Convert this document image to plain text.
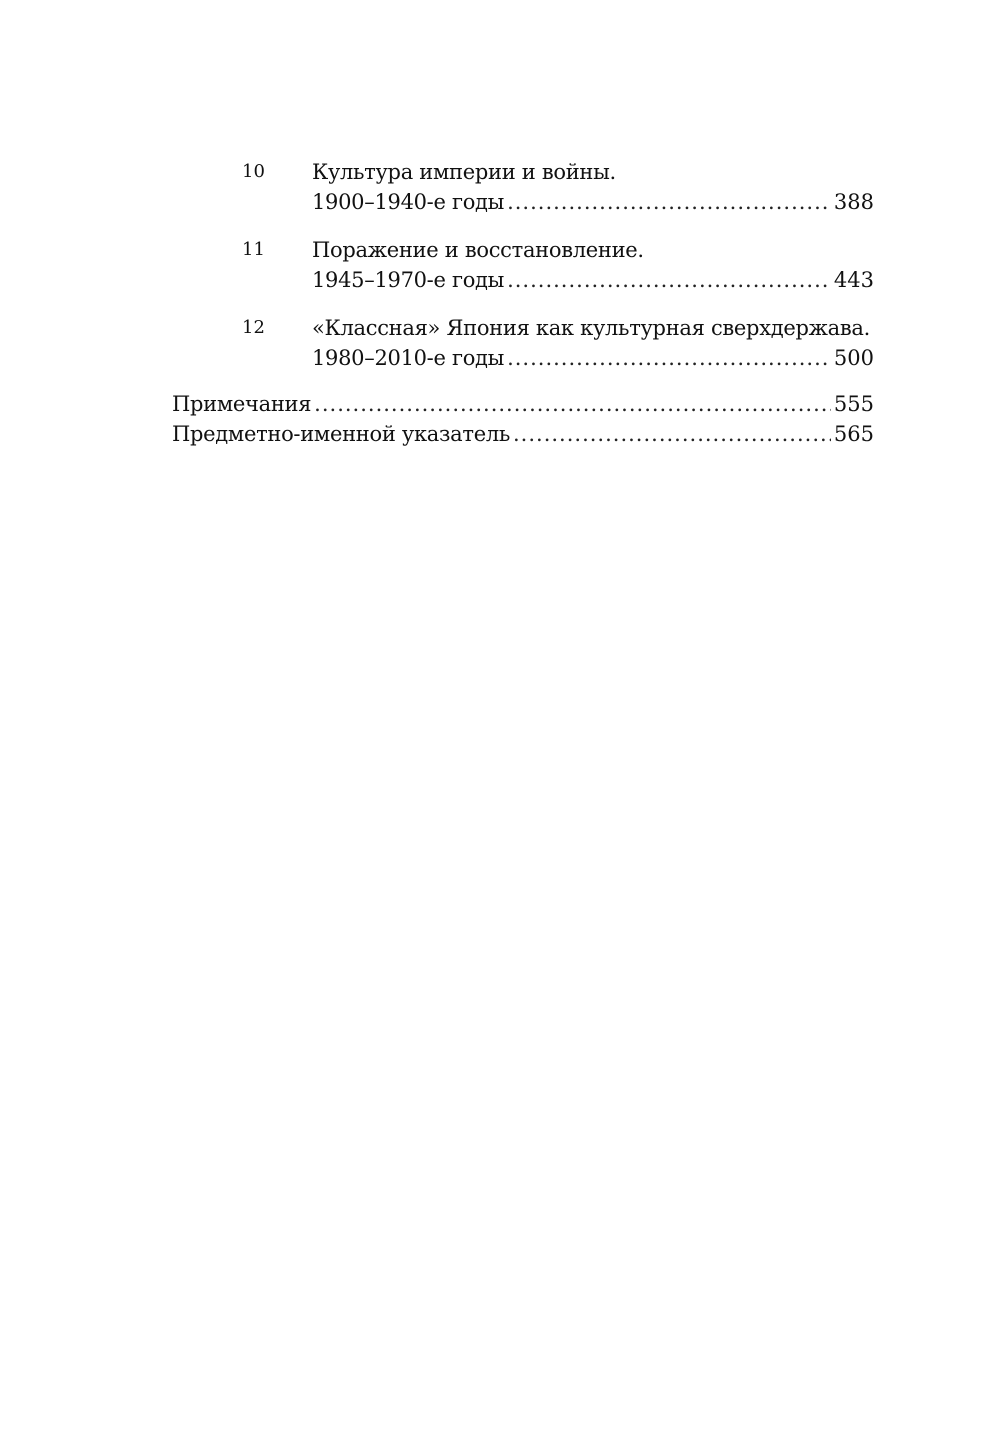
10	Культура империи и войны.
1900–1940-е годы .....	388
11	Поражение и восстановление.
1945–1970-е годы .....	443
12	«Классная» Япония как культурная сверхдержава.
1980–2010-е годы .....	500
Примечания .....	555
Предметно-именной указатель .....	565
